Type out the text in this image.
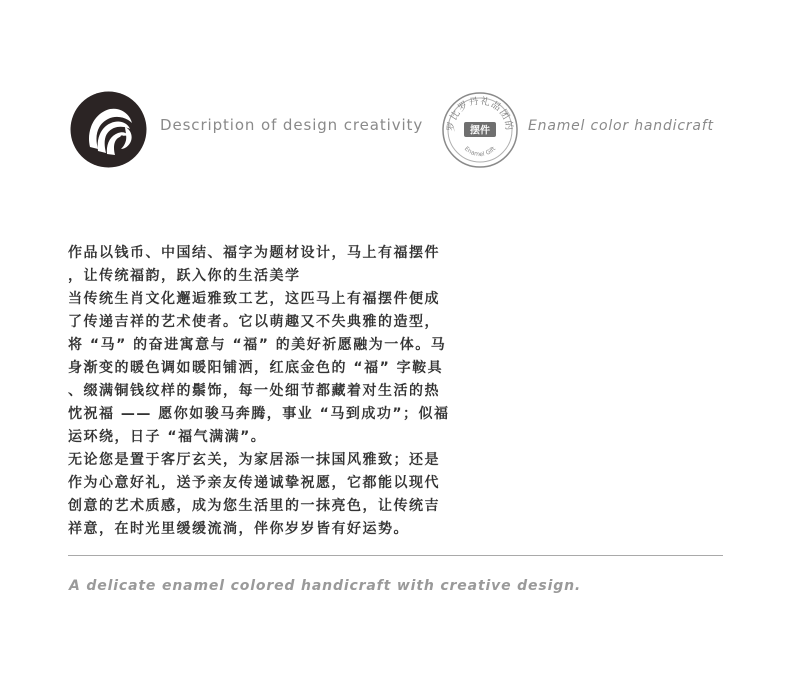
Description of design creativity 罗比罗丹礼品团的
摆件
Enamel Gift
Enamel color handicraft
作品以钱币、中国结、福字为题材设计，马上有福摆件
，让传统福韵，跃入你的生活美学
当传统生肖文化邂逅雅致工艺，这匹马上有福摆件便成
了传递吉祥的艺术使者。它以萌趣又不失典雅的造型，
将 “马” 的奋进寓意与 “福” 的美好祈愿融为一体。马
身渐变的暖色调如暖阳铺洒，红底金色的 “福” 字鞍具
、缀满铜钱纹样的鬃饰，每一处细节都藏着对生活的热
忱祝福 —— 愿你如骏马奔腾，事业 “马到成功”；似福
运环绕，日子 “福气满满”。
无论您是置于客厅玄关，为家居添一抹国风雅致；还是
作为心意好礼，送予亲友传递诚挚祝愿，它都能以现代
创意的艺术质感，成为您生活里的一抹亮色，让传统吉
祥意，在时光里缓缓流淌，伴你岁岁皆有好运势。
A delicate enamel colored handicraft with creative design.
